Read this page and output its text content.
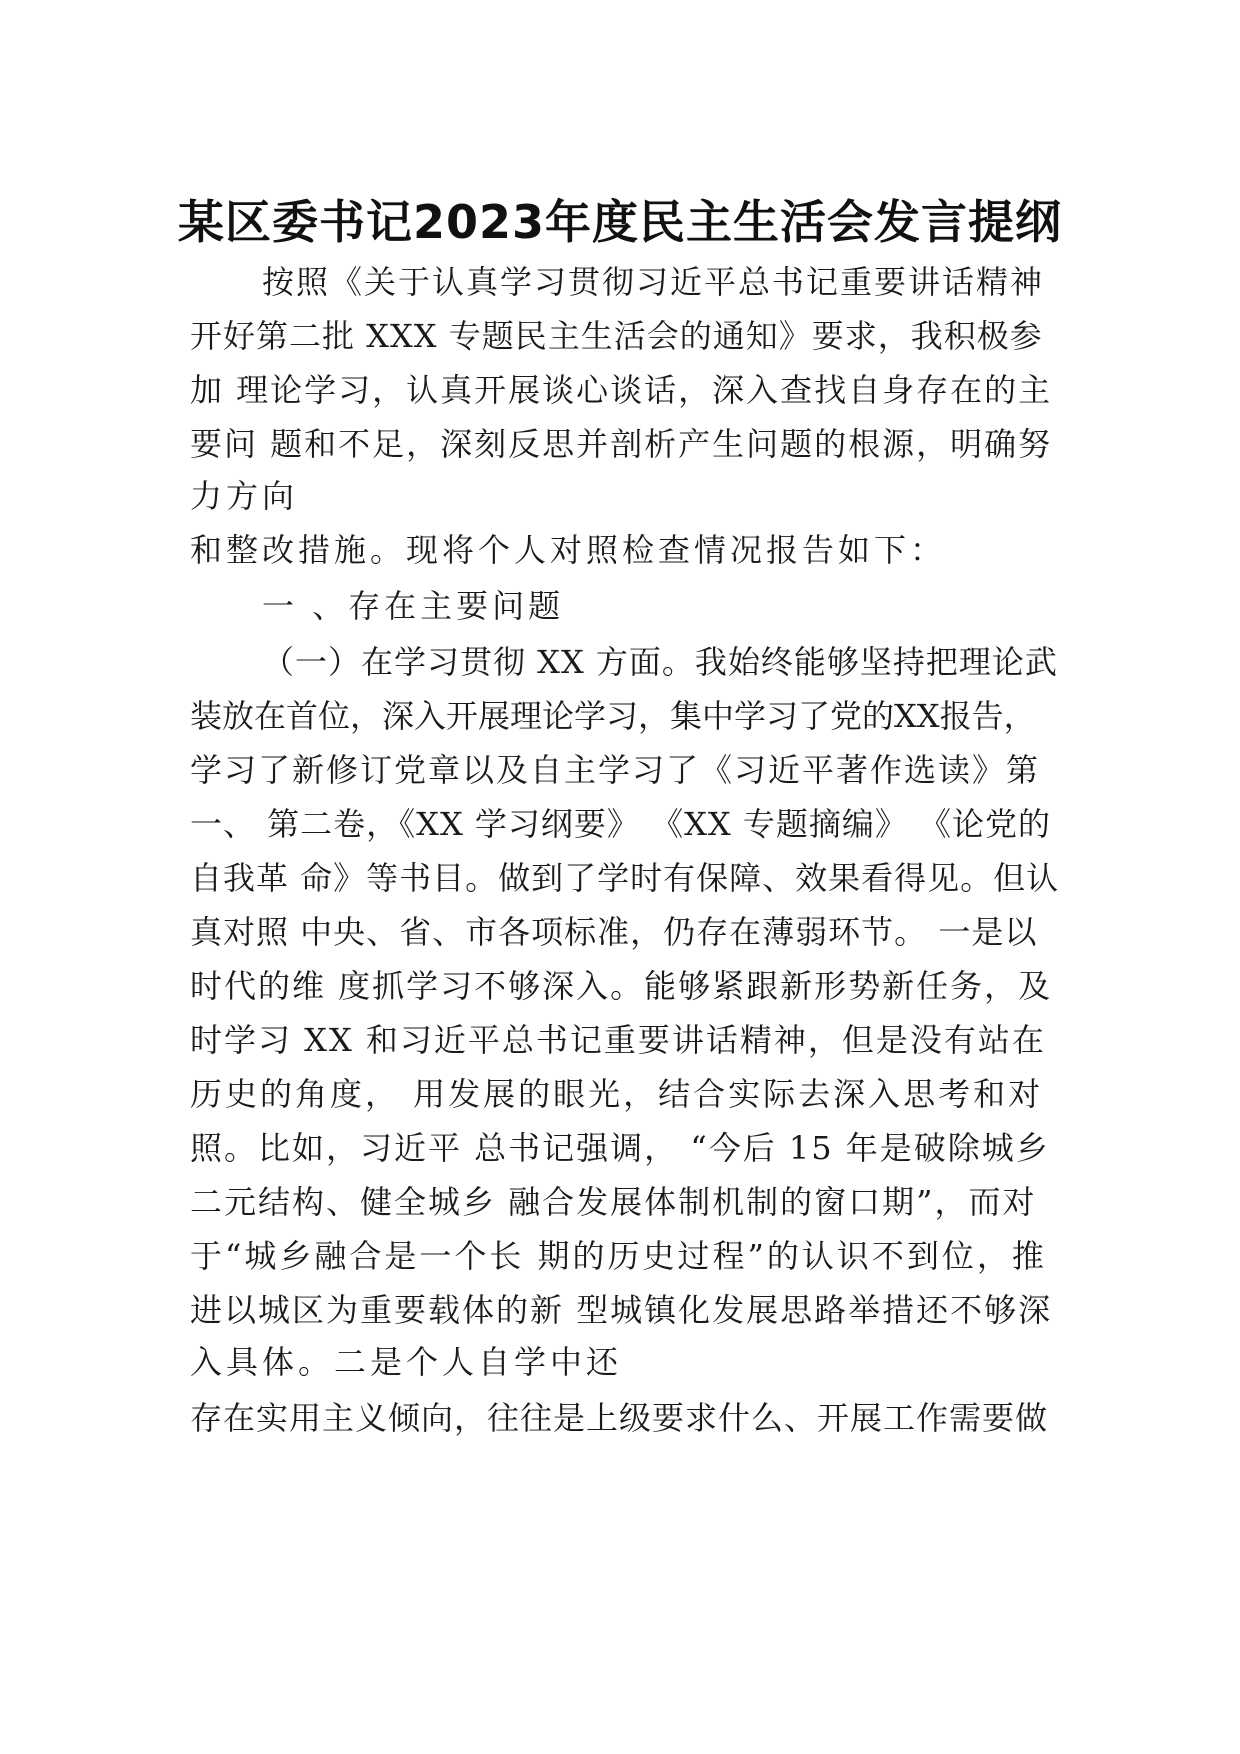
某区委书记2023年度民主生活会发言提纲
按照《关于认真学习贯彻习近平总书记重要讲话精神
开好第二批 XXX 专题民主生活会的通知》要求，我积极参
加 理论学习，认真开展谈心谈话，深入查找自身存在的主
要问 题和不足，深刻反思并剖析产生问题的根源，明确努
力方向
和整改措施。现将个人对照检查情况报告如下：
一 、存在主要问题
（一）在学习贯彻 XX 方面。我始终能够坚持把理论武
装放在首位，深入开展理论学习，集中学习了党的XX报告，
学习了新修订党章以及自主学习了《习近平著作选读》第
一、 第二卷，《XX 学习纲要》 《XX 专题摘编》 《论党的
自我革 命》等书目。做到了学时有保障、效果看得见。但认
真对照 中央、省、市各项标准，仍存在薄弱环节。 一是以
时代的维 度抓学习不够深入。能够紧跟新形势新任务，及
时学习 XX 和习近平总书记重要讲话精神，但是没有站在
历史的角度， 用发展的眼光，结合实际去深入思考和对
照。比如，习近平 总书记强调， “今后 15 年是破除城乡
二元结构、健全城乡 融合发展体制机制的窗口期”，而对
于“城乡融合是一个长 期的历史过程”的认识不到位，推
进以城区为重要载体的新 型城镇化发展思路举措还不够深
入具体。二是个人自学中还
存在实用主义倾向，往往是上级要求什么、开展工作需要做
